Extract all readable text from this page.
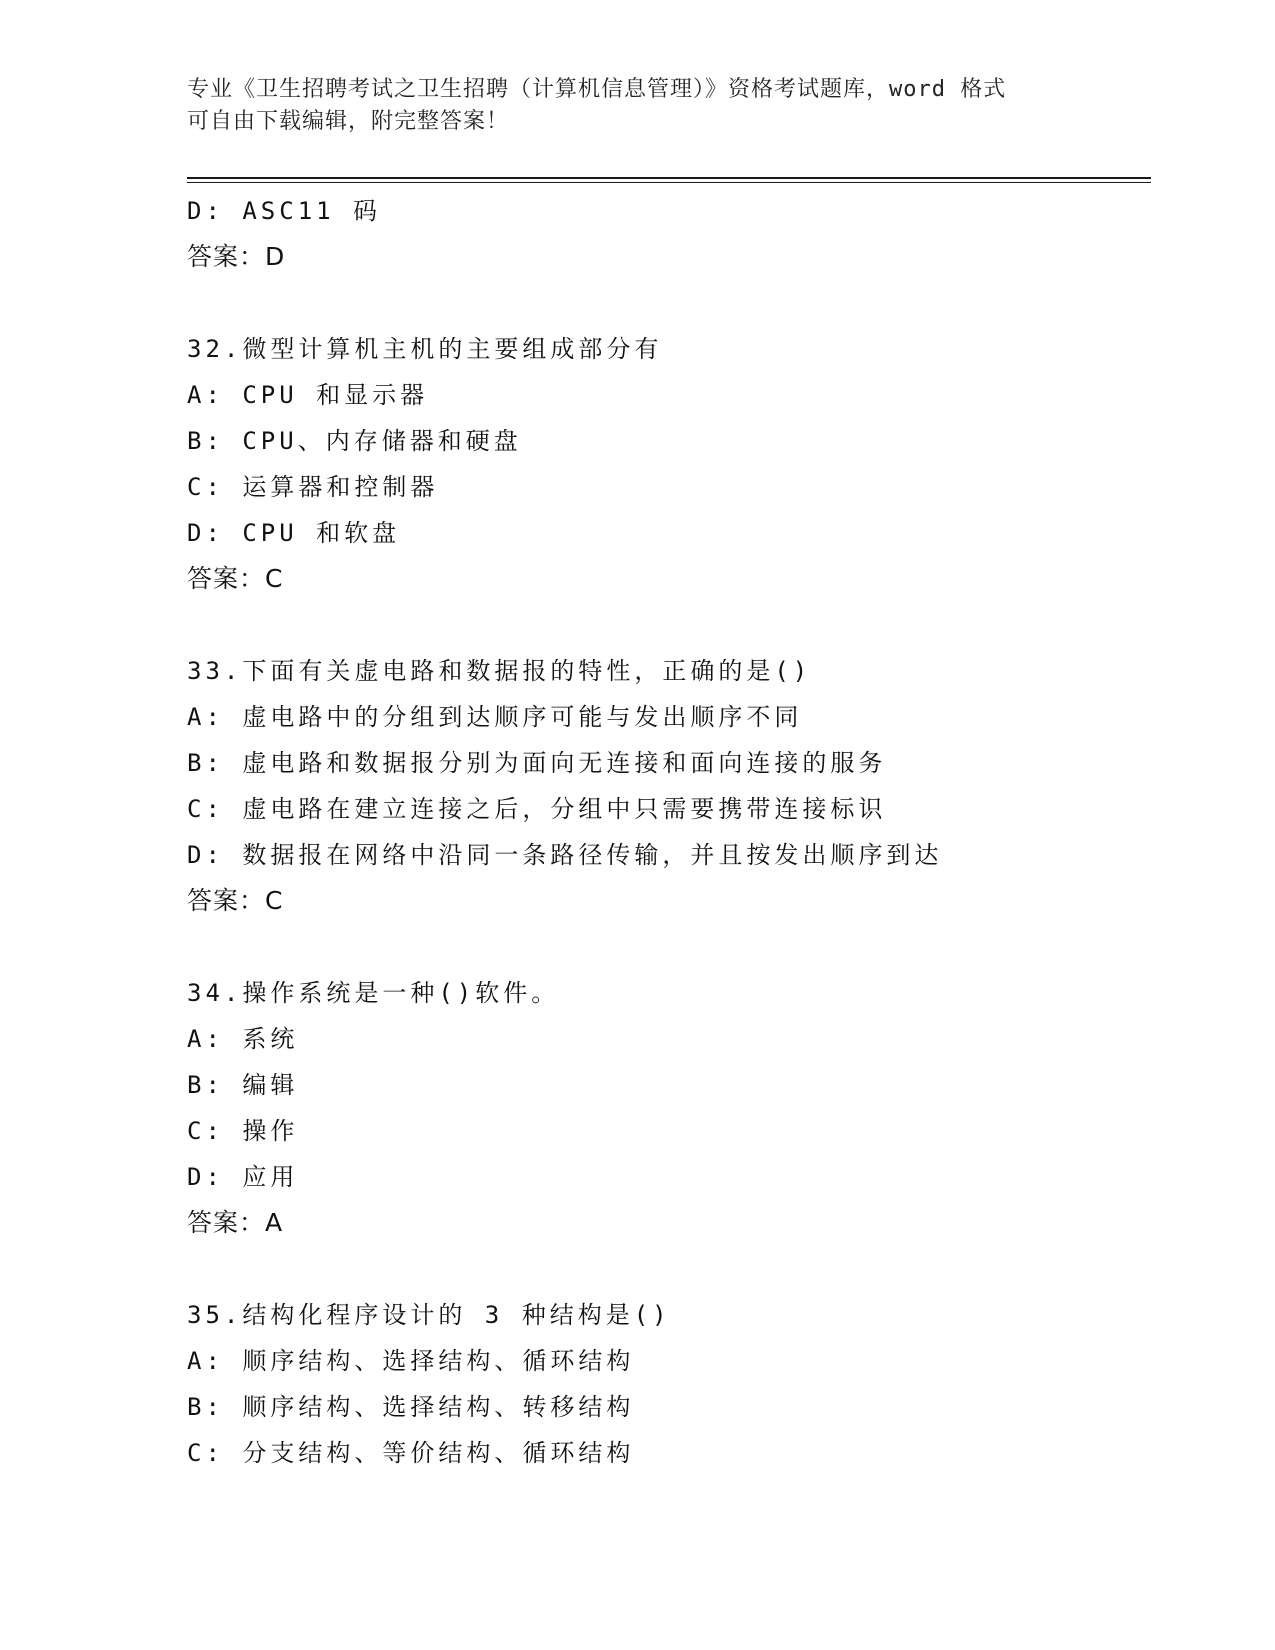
专业《卫生招聘考试之卫生招聘（计算机信息管理）》资格考试题库，word 格式
可自由下载编辑，附完整答案！
D: ASC11 码
答案：D
32.微型计算机主机的主要组成部分有
A: CPU 和显示器
B: CPU、内存储器和硬盘
C: 运算器和控制器
D: CPU 和软盘
答案：C
33.下面有关虚电路和数据报的特性，正确的是()
A: 虚电路中的分组到达顺序可能与发出顺序不同
B: 虚电路和数据报分别为面向无连接和面向连接的服务
C: 虚电路在建立连接之后，分组中只需要携带连接标识
D: 数据报在网络中沿同一条路径传输，并且按发出顺序到达
答案：C
34.操作系统是一种()软件。
A: 系统
B: 编辑
C: 操作
D: 应用
答案：A
35.结构化程序设计的 3 种结构是()
A: 顺序结构、选择结构、循环结构
B: 顺序结构、选择结构、转移结构
C: 分支结构、等价结构、循环结构
